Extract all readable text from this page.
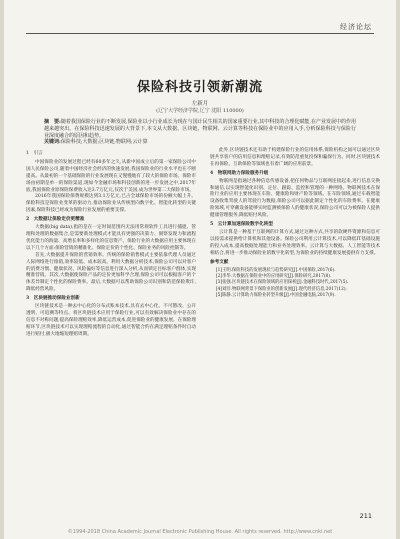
经济论坛
保险科技引领新潮流
左新月
(辽宁大学经济学院,辽宁 沈阳 110000)
摘　要:随着我国保险行业的不断发展,保险业以小行业成长为现在与国计民生相关的国家重要行业,其中科技的合理化赋能,在产业发展中的作用越来越突出。在保险科技迅速发展的大背景下,本文从大数据、区块链、物联网、云计算等科技在保险业中的应用入手,分析保险科技与保险行业深度融合的原因和趋势。
关键词:保险科技;大数据;区块链;物联网;云计算
1　引言

中国保险业的发展过程已经有60多年之久,从新中国成立后的第一家保险公司中国人民保险公司,随着中国经济社会经济的快速发展,我国保险业的行业水平也在不断提高。从最初的一个基础保险的行业发展现在又慢慢地有了较大的保险市场。保险市场由初期是单一的保险渠道,现如今金融市场和科技创新的进一步发展之中,2017年底,我国保险业原保险保费收入达3.7万亿元,仅次于美国,成为世界第二大保险市场。

2016年我国保险保费规模达到3.1万亿元,已占全球保险市场的份额大幅上升。保险科技是保险业变革的驱动力,推动保险业从传统型向数字化、智能化转型的关键因素,保险科技已经成为保险行业发展的重要支撑。

2　大数据让保险定价更精准

大数据(big data),指的是在一定时间范围内无法用常规软件工具进行捕捉、管理和处理的数据集合,是需要新处理模式才能具有更强的决策力、洞察发现力和流程优化能力的海量、高增长率和多样化的信息资产。保险行业的大数据应用主要体现在以下几个方面:保险营销的精准化、保险定价的个性化、保险业务的风险控制等。

首先,大数据提升保险的营销效率。传统的保险销售模式主要依靠代理人员通过人际网络进行推销,效率较低、成本较高。利用大数据分析技术,保险公司可以对客户的消费习惯、健康状况、风险偏好等信息进行深入分析,从而锁定目标客户群体,实现精准营销。其次,大数据使保险产品的定价更加科学合理,保险公司可以根据客户的个体差异制定个性化的保险费率。最后,大数据可以帮助保险公司识别和防范保险欺诈,降低经营风险。

3　区块链推动保险业创新

区块链技术是一种去中心化的分布式账本技术,具有去中心化、不可篡改、公开透明、可追溯等特点。将区块链技术应用于保险行业,可以有效解决保险业中存在的信息不对称问题,提高保险理赔效率,降低运营成本,促进保险业的健康发展。在保险理赔环节,区块链技术可以实现理赔流程的自动化,通过智能合约在满足理赔条件时自动进行赔付,极大地缩短理赔周期。

此外,区块链技术还有助于构建保险行业的信用体系,保险机构之间可以通过区块链共享客户的信用信息和理赔记录,有效防范重复投保和骗保行为。同时,区块链技术在再保险、互助保险等领域也有着广阔的应用前景。

4　物联网助力保险服务升级

物联网是指通过各种信息传感设备,把任何物品与互联网连接起来,进行信息交换和通信,以实现智能化识别、定位、跟踪、监控和管理的一种网络。物联网技术在保险行业的应用主要体现在车险、健康险和财产险等领域。在车险领域,通过车载智能设备收集驾驶人的驾驶行为数据,保险公司可以据此制定个性化的车险费率。在健康险领域,可穿戴设备能够实时监测被保险人的健康状况,保险公司可以为被保险人提供健康管理服务,降低赔付风险。

5　云计算加速保险数字化转型

云计算是一种基于互联网的计算方式,通过这种方式,共享的软硬件资源和信息可以按需求提供给计算机和其他设备。保险公司利用云计算技术,可以降低IT基础设施的投入成本,提高数据处理能力和业务处理效率。云计算与大数据、人工智能等技术相结合,将进一步推动保险业的数字化转型,为保险业的持续健康发展提供有力支撑。

参考文献
[1]王明.保险科技的发展现状与趋势研究[J].中国保险,2017(6).
[2]李华.大数据在保险业中的应用研究[J].保险研究,2017(8).
[3]张强.区块链技术在保险领域的应用探析[J].金融科技时代,2017(5).
[4]刘洋.物联网背景下保险业的创新发展[J].现代经济信息,2017(12).
[5]陈静.云计算助力保险业转型升级[J].中国金融电脑,2017(9).
211
©1994-2018 China Academic Journal Electronic Publishing House. All rights reserved. http://www.cnki.net
